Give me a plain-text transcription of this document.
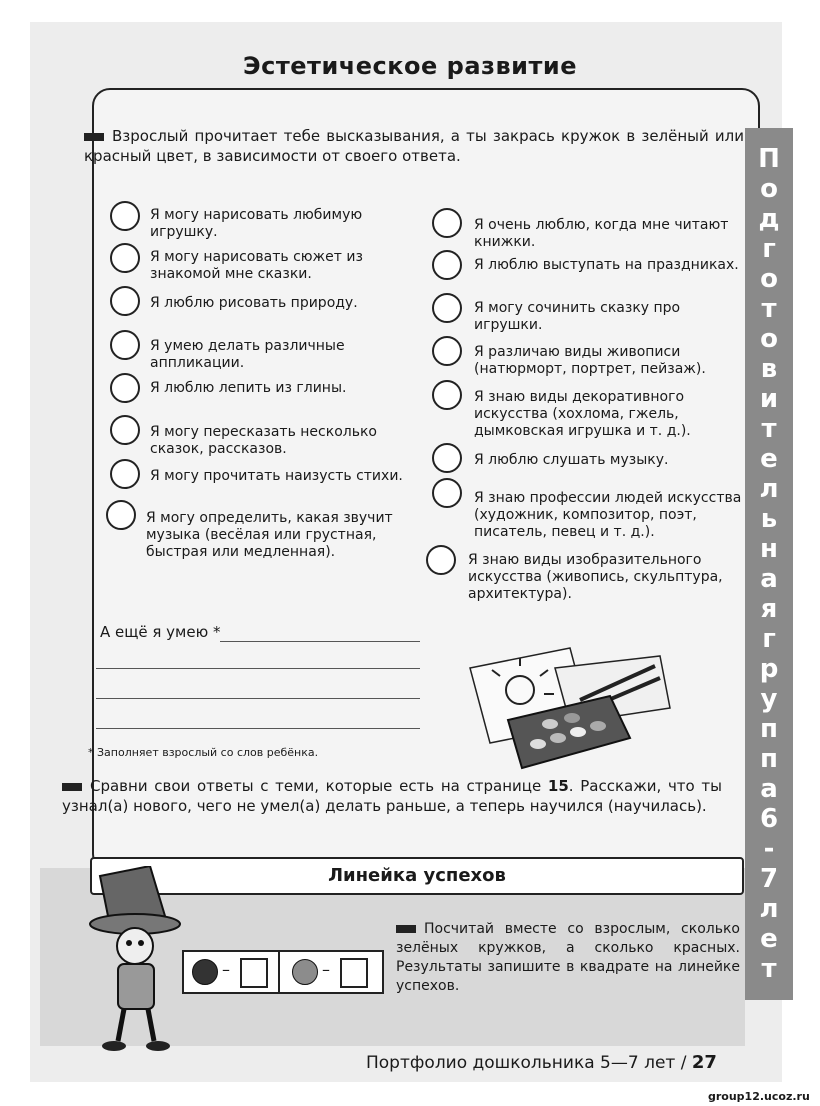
Эстетическое развитие
П
о
д
г
о
т
о
в
и
т
е
л
ь
н
а
я
г
р
у
п
п
а
6
-
7
л
е
т
Взрослый прочитает тебе высказывания, а ты закрась кружок в зелёный или красный цвет, в зависимости от своего ответа.
Я могу нарисовать любимую игрушку.
Я могу нарисовать сюжет из знакомой мне сказки.
Я люблю рисовать природу.
Я умею делать различные аппликации.
Я люблю лепить из глины.
Я могу пересказать несколько сказок, рассказов.
Я могу прочитать наизусть стихи.
Я могу определить, какая звучит музыка (весёлая или грустная, быстрая или медленная).
Я очень люблю, когда мне читают книжки.
Я люблю выступать на праздниках.
Я могу сочинить сказку про игрушки.
Я различаю виды живописи (натюрморт, портрет, пейзаж).
Я знаю виды декоративного искусства (хохлома, гжель, дымковская игрушка и т. д.).
Я люблю слушать музыку.
Я знаю профессии людей искусства (художник, композитор, поэт, писатель, певец и т. д.).
Я знаю виды изобразительного искусства (живопись, скульптура, архитектура).
А ещё я умею *
* Заполняет взрослый со слов ребёнка.
Сравни свои ответы с теми, которые есть на странице 15. Расскажи, что ты узнал(а) нового, чего не умел(а) делать раньше, а теперь научился (научилась).
Линейка успехов
–	–
Посчитай вместе со взрослым, сколько зелёных кружков, а сколько красных. Результаты запишите в квадрате на линейке успехов.
Портфолио дошкольника 5—7 лет / 27
group12.ucoz.ru
